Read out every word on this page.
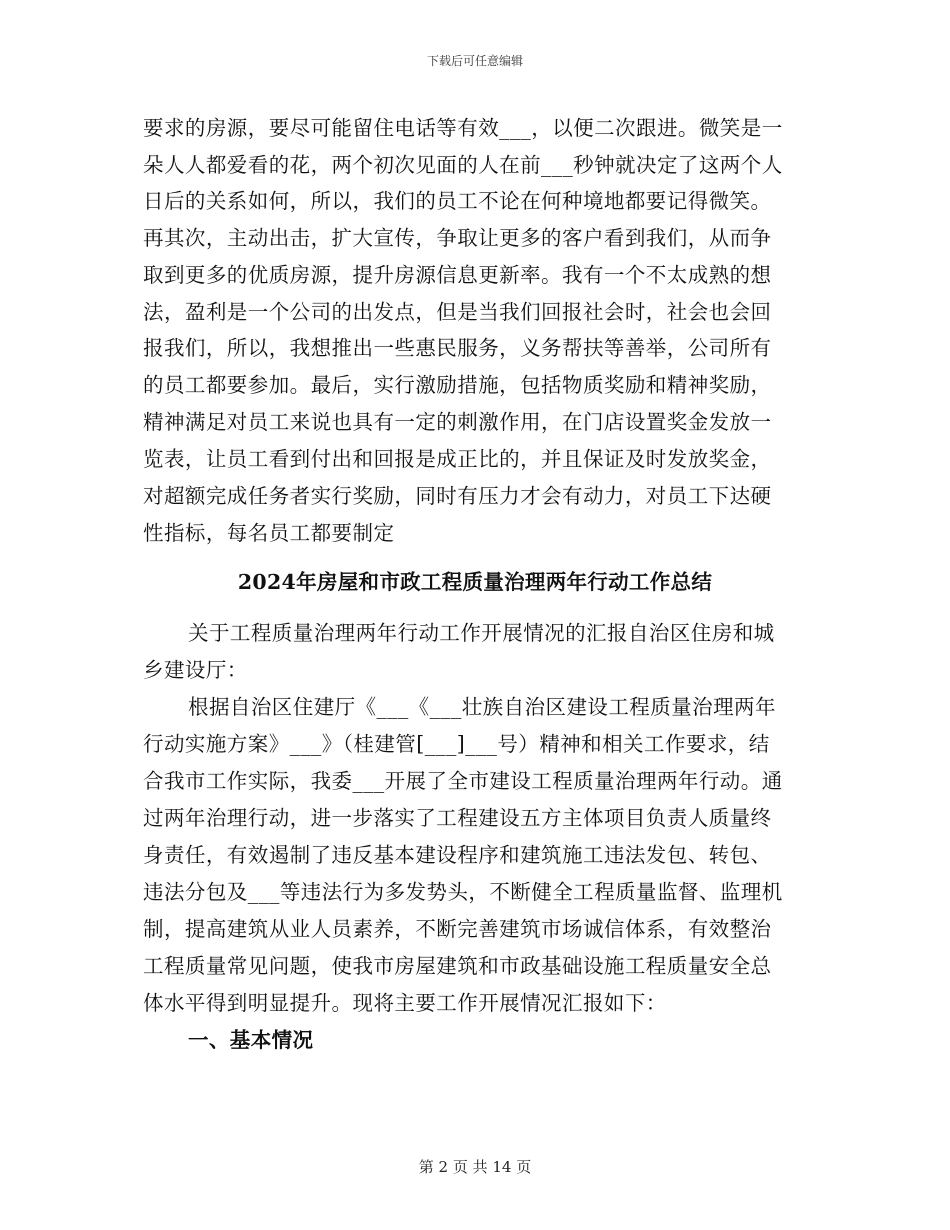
下载后可任意编辑
要求的房源，要尽可能留住电话等有效___，以便二次跟进。微笑是一
朵人人都爱看的花，两个初次见面的人在前___秒钟就决定了这两个人
日后的关系如何，所以，我们的员工不论在何种境地都要记得微笑。
再其次，主动出击，扩大宣传，争取让更多的客户看到我们，从而争
取到更多的优质房源，提升房源信息更新率。我有一个不太成熟的想
法，盈利是一个公司的出发点，但是当我们回报社会时，社会也会回
报我们，所以，我想推出一些惠民服务，义务帮扶等善举，公司所有
的员工都要参加。最后，实行激励措施，包括物质奖励和精神奖励，
精神满足对员工来说也具有一定的刺激作用，在门店设置奖金发放一
览表，让员工看到付出和回报是成正比的，并且保证及时发放奖金，
对超额完成任务者实行奖励，同时有压力才会有动力，对员工下达硬
性指标，每名员工都要制定
2024年房屋和市政工程质量治理两年行动工作总结
关于工程质量治理两年行动工作开展情况的汇报自治区住房和城
乡建设厅：
根据自治区住建厅《___《___壮族自治区建设工程质量治理两年
行动实施方案》___》（桂建管[___]___号）精神和相关工作要求，结
合我市工作实际，我委___开展了全市建设工程质量治理两年行动。通
过两年治理行动，进一步落实了工程建设五方主体项目负责人质量终
身责任，有效遏制了违反基本建设程序和建筑施工违法发包、转包、
违法分包及___等违法行为多发势头，不断健全工程质量监督、监理机
制，提高建筑从业人员素养，不断完善建筑市场诚信体系，有效整治
工程质量常见问题，使我市房屋建筑和市政基础设施工程质量安全总
体水平得到明显提升。现将主要工作开展情况汇报如下：
一、基本情况
第 2 页 共 14 页
